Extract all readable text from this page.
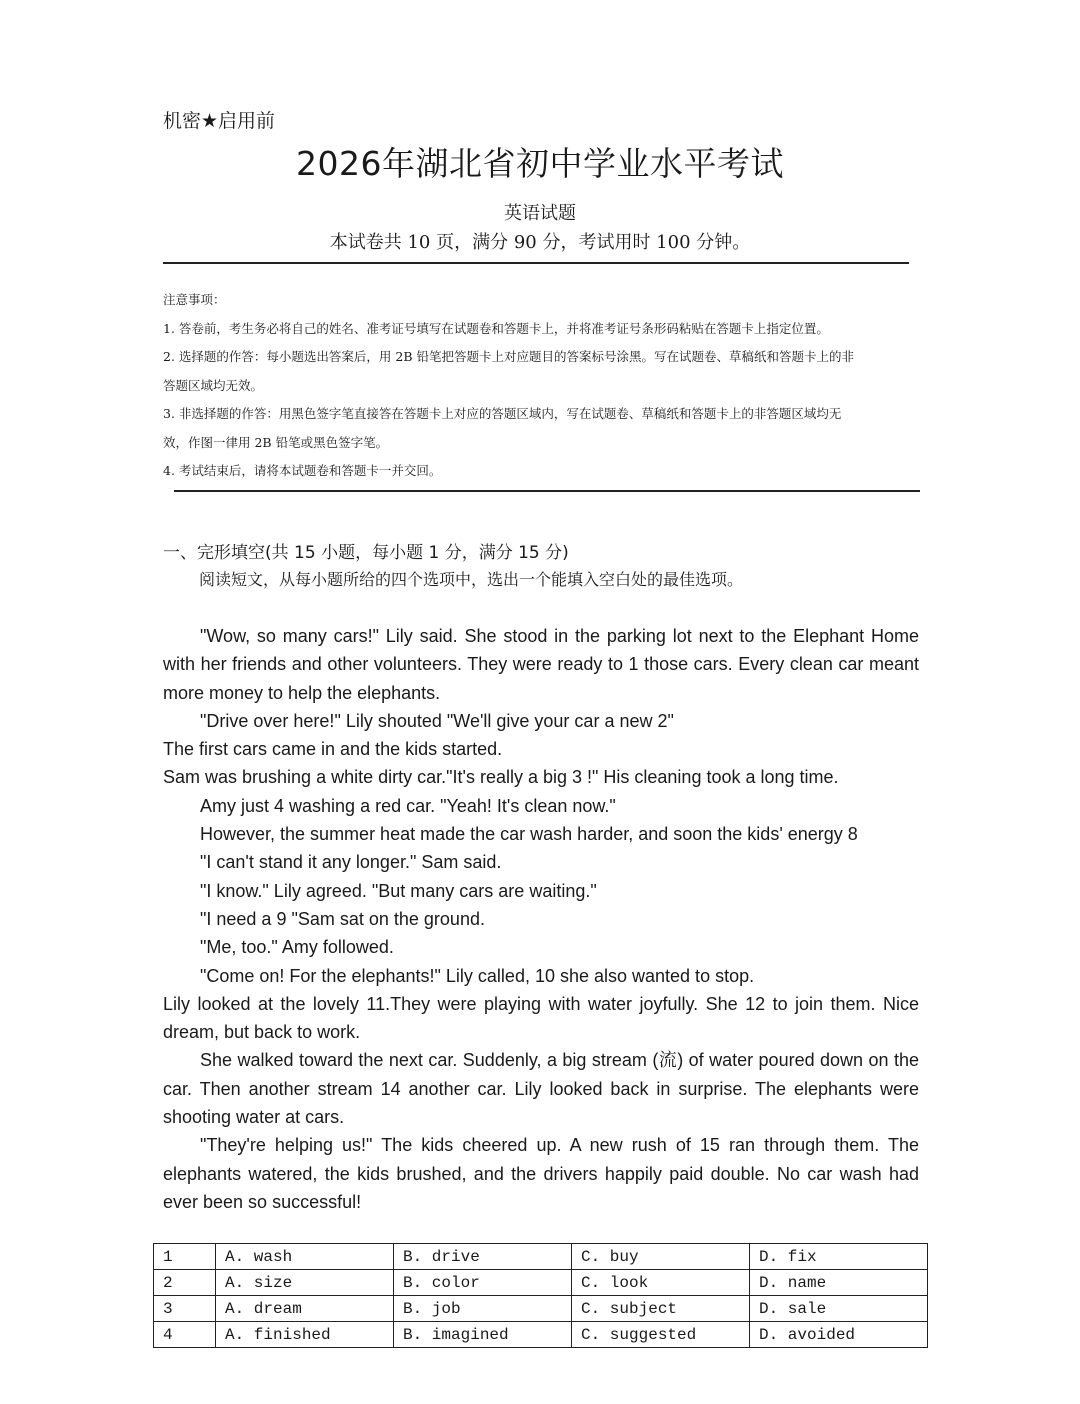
机密★启用前
2026年湖北省初中学业水平考试
英语试题
本试卷共 10 页，满分 90 分，考试用时 100 分钟。

注意事项：

1. 答卷前，考生务必将自己的姓名、准考证号填写在试题卷和答题卡上，并将准考证号条形码粘贴在答题卡上指定位置。

2. 选择题的作答：每小题选出答案后，用 2B 铅笔把答题卡上对应题目的答案标号涂黑。写在试题卷、草稿纸和答题卡上的非

答题区域均无效。

3. 非选择题的作答：用黑色签字笔直接答在答题卡上对应的答题区域内，写在试题卷、草稿纸和答题卡上的非答题区域均无

效，作图一律用 2B 铅笔或黑色签字笔。

4. 考试结束后，请将本试题卷和答题卡一并交回。

一、完形填空(共 15 小题，每小题 1 分，满分 15 分)
阅读短文，从每小题所给的四个选项中，选出一个能填入空白处的最佳选项。

"Wow, so many cars!" Lily said. She stood in the parking lot next to the Elephant Home with her friends and other volunteers. They were ready to 1 those cars. Every clean car meant more money to help the elephants.

"Drive over here!" Lily shouted "We'll give your car a new 2"

The first cars came in and the kids started.

Sam was brushing a white dirty car."It's really a big 3 !" His cleaning took a long time.

Amy just 4 washing a red car. "Yeah! It's clean now."

However, the summer heat made the car wash harder, and soon the kids' energy 8

"I can't stand it any longer." Sam said.

"I know." Lily agreed. "But many cars are waiting."

"I need a 9 "Sam sat on the ground.

"Me, too." Amy followed.

"Come on! For the elephants!" Lily called, 10 she also wanted to stop.

Lily looked at the lovely 11.They were playing with water joyfully. She 12 to join them. Nice dream, but back to work.

She walked toward the next car. Suddenly, a big stream (流) of water poured down on the car. Then another stream 14 another car. Lily looked back in surprise. The elephants were shooting water at cars.

"They're helping us!" The kids cheered up. A new rush of 15 ran through them. The elephants watered, the kids brushed, and the drivers happily paid double. No car wash had ever been so successful!

1	A. wash	B. drive	C. buy	D. fix
2	A. size	B. color	C. look	D. name
3	A. dream	B. job	C. subject	D. sale
4	A. finished	B. imagined	C. suggested	D. avoided
